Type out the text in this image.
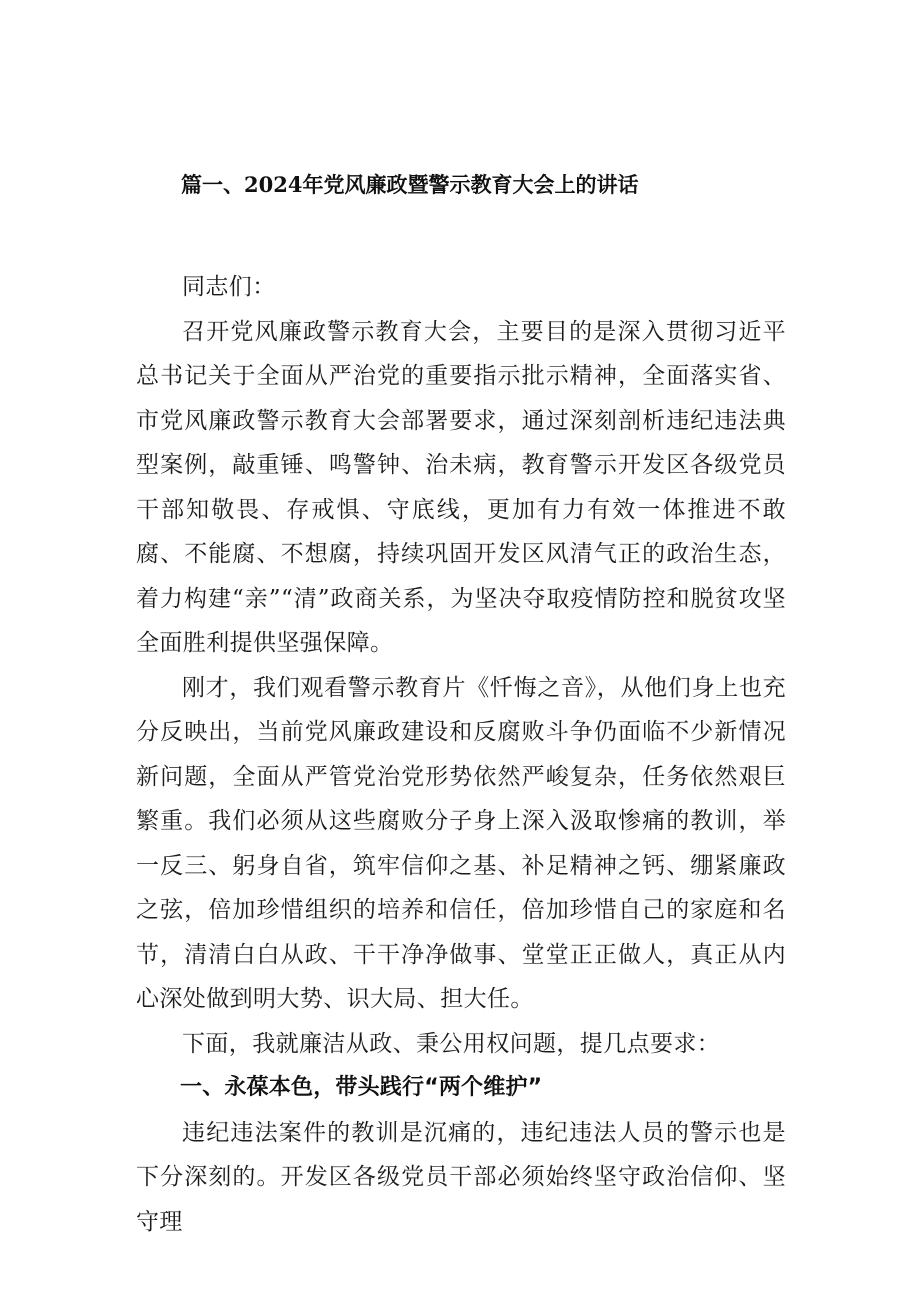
篇一、2024年党风廉政暨警示教育大会上的讲话

同志们：

召开党风廉政警示教育大会，主要目的是深入贯彻习近平总书记关于全面从严治党的重要指示批示精神，全面落实省、市党风廉政警示教育大会部署要求，通过深刻剖析违纪违法典型案例，敲重锤、鸣警钟、治未病，教育警示开发区各级党员干部知敬畏、存戒惧、守底线，更加有力有效一体推进不敢腐、不能腐、不想腐，持续巩固开发区风清气正的政治生态，着力构建“亲”“清”政商关系，为坚决夺取疫情防控和脱贫攻坚全面胜利提供坚强保障。

刚才，我们观看警示教育片《忏悔之音》，从他们身上也充分反映出，当前党风廉政建设和反腐败斗争仍面临不少新情况新问题，全面从严管党治党形势依然严峻复杂，任务依然艰巨繁重。我们必须从这些腐败分子身上深入汲取惨痛的教训，举一反三、躬身自省，筑牢信仰之基、补足精神之钙、绷紧廉政之弦，倍加珍惜组织的培养和信任，倍加珍惜自己的家庭和名节，清清白白从政、干干净净做事、堂堂正正做人，真正从内心深处做到明大势、识大局、担大任。

下面，我就廉洁从政、秉公用权问题，提几点要求：

一、永葆本色，带头践行“两个维护”

违纪违法案件的教训是沉痛的，违纪违法人员的警示也是下分深刻的。开发区各级党员干部必须始终坚守政治信仰、坚守理
